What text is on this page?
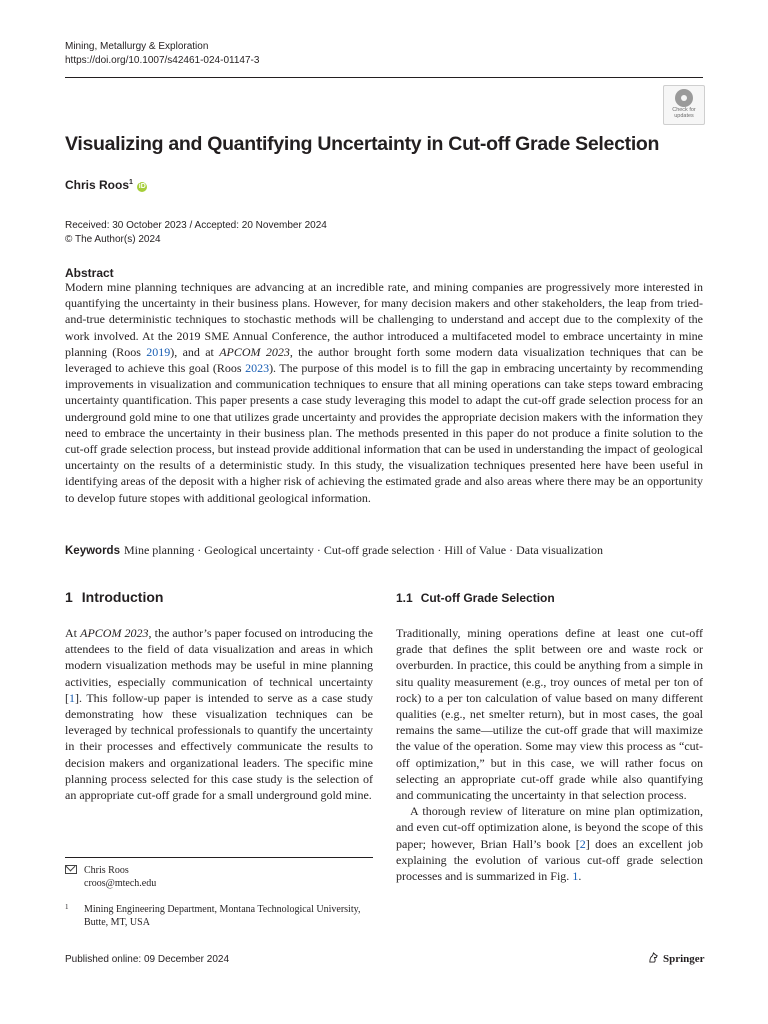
Mining, Metallurgy & Exploration
https://doi.org/10.1007/s42461-024-01147-3
Check for
updates
Visualizing and Quantifying Uncertainty in Cut-off Grade Selection
Chris Roos$^1$ iD
Received: 30 October 2023 / Accepted: 20 November 2024
© The Author(s) 2024
Abstract
Modern mine planning techniques are advancing at an incredible rate, and mining companies are progressively more interested in quantifying the uncertainty in their business plans. However, for many decision makers and other stakeholders, the leap from tried-and-true deterministic techniques to stochastic methods will be challenging to understand and accept due to the complexity of the work involved. At the 2019 SME Annual Conference, the author introduced a multifaceted model to embrace uncertainty in mine planning (Roos 2019), and at APCOM 2023, the author brought forth some modern data visualization techniques that can be leveraged to achieve this goal (Roos 2023). The purpose of this model is to fill the gap in embracing uncertainty by recommending improvements in visualization and communication techniques to ensure that all mining operations can take steps toward embracing uncertainty quantification. This paper presents a case study leveraging this model to adapt the cut-off grade selection process for an underground gold mine to one that utilizes grade uncertainty and provides the appropriate decision makers with the information they need to embrace the uncertainty in their business plan. The methods presented in this paper do not produce a finite solution to the cut-off grade selection process, but instead provide additional information that can be used in understanding the impact of geological uncertainty on the results of a deterministic study. In this study, the visualization techniques presented here have been useful in identifying areas of the deposit with a higher risk of achieving the estimated grade and also areas where there may be an opportunity to develop future stopes with additional geological information.
Keywords Mine planning · Geological uncertainty · Cut-off grade selection · Hill of Value · Data visualization
1 Introduction
At APCOM 2023, the author’s paper focused on introducing the attendees to the field of data visualization and areas in which modern visualization methods may be useful in mine planning activities, especially communication of technical uncertainty [1]. This follow-up paper is intended to serve as a case study demonstrating how these visualization techniques can be leveraged by technical professionals to quantify the uncertainty in their processes and effectively communicate the results to decision makers and organizational leaders. The specific mine planning process selected for this case study is the selection of an appropriate cut-off grade for a small underground gold mine.
1.1 Cut-off Grade Selection

Traditionally, mining operations define at least one cut-off grade that defines the split between ore and waste rock or overburden. In practice, this could be anything from a simple in situ quality measurement (e.g., troy ounces of metal per ton of rock) to a per ton calculation of value based on many different qualities (e.g., net smelter return), but in most cases, the goal remains the same—utilize the cut-off grade that will maximize the value of the operation. Some may view this process as “cut-off optimization,” but in this case, we will rather focus on selecting an appropriate cut-off grade while also quantifying and communicating the uncertainty in that selection process.

A thorough review of literature on mine plan optimization, and even cut-off optimization alone, is beyond the scope of this paper; however, Brian Hall’s book [2] does an excellent job explaining the evolution of various cut-off grade selection processes and is summarized in Fig. 1.

Chris Roos
croos@mtech.edu
1 Mining Engineering Department, Montana Technological University, Butte, MT, USA
Published online: 09 December 2024	Springer
